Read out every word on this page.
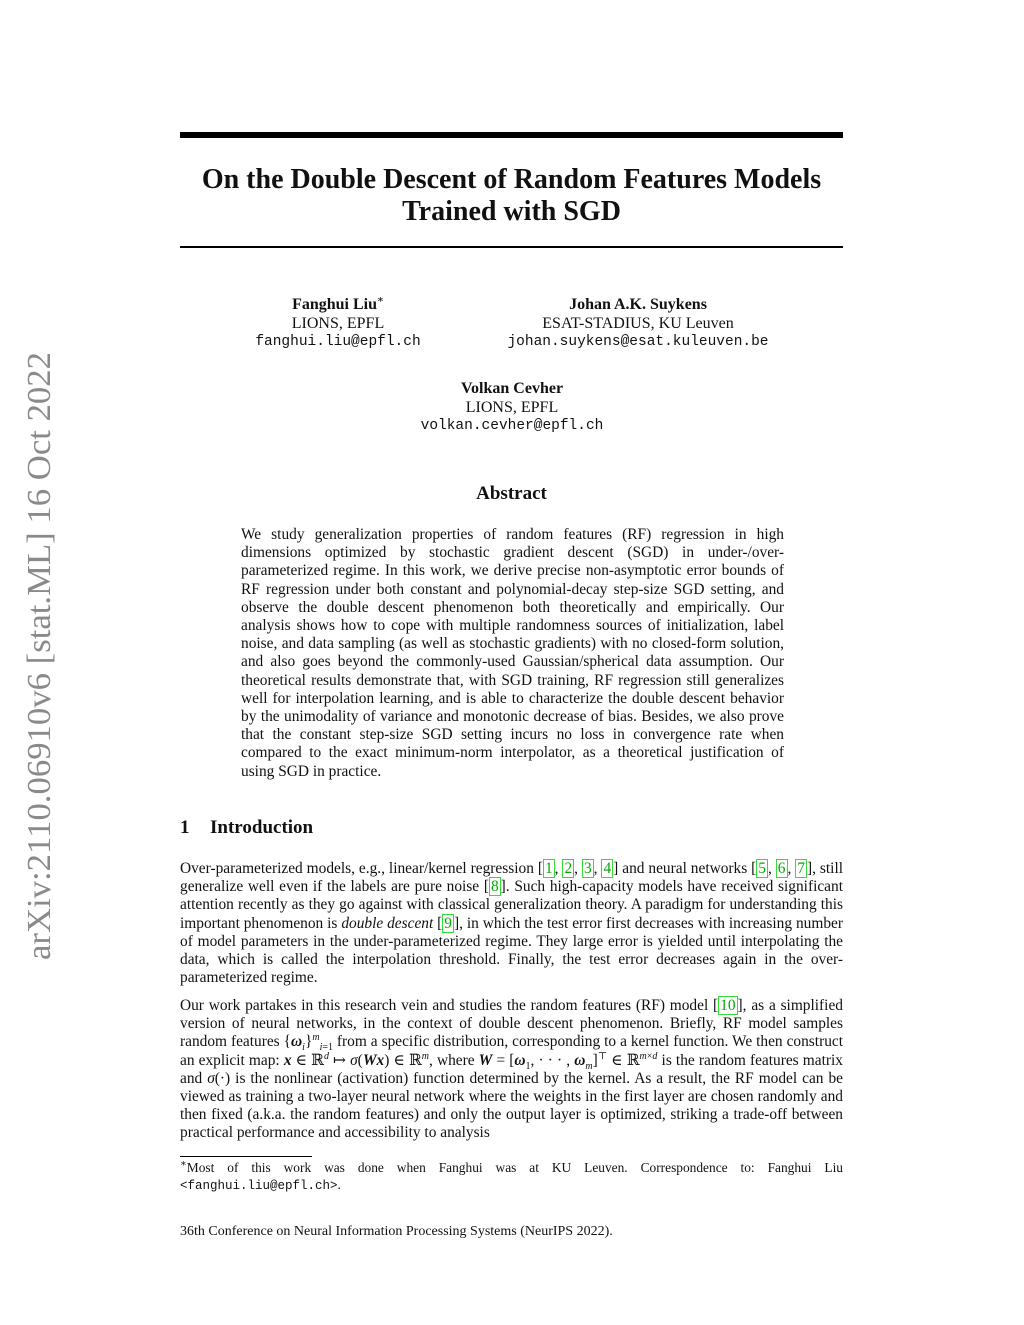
arXiv:2110.06910v6 [stat.ML] 16 Oct 2022
On the Double Descent of Random Features Models
Trained with SGD
Fanghui Liu∗
LIONS, EPFL
fanghui.liu@epfl.ch
Johan A.K. Suykens
ESAT-STADIUS, KU Leuven
johan.suykens@esat.kuleuven.be
Volkan Cevher
LIONS, EPFL
volkan.cevher@epfl.ch
Abstract
We study generalization properties of random features (RF) regression in high dimensions optimized by stochastic gradient descent (SGD) in under-/over-parameterized regime. In this work, we derive precise non-asymptotic error bounds of RF regression under both constant and polynomial-decay step-size SGD setting, and observe the double descent phenomenon both theoretically and empirically. Our analysis shows how to cope with multiple randomness sources of initialization, label noise, and data sampling (as well as stochastic gradients) with no closed-form solution, and also goes beyond the commonly-used Gaussian/spherical data assumption. Our theoretical results demonstrate that, with SGD training, RF regression still generalizes well for interpolation learning, and is able to characterize the double descent behavior by the unimodality of variance and monotonic decrease of bias. Besides, we also prove that the constant step-size SGD setting incurs no loss in convergence rate when compared to the exact minimum-norm interpolator, as a theoretical justification of using SGD in practice.
1 Introduction
Over-parameterized models, e.g., linear/kernel regression [ 1 , 2 , 3 , 4 ] and neural networks [ 5 , 6 , 7 ], still generalize well even if the labels are pure noise [ 8 ]. Such high-capacity models have received significant attention recently as they go against with classical generalization theory. A paradigm for understanding this important phenomenon is double descent [ 9 ], in which the test error first decreases with increasing number of model parameters in the under-parameterized regime. They large error is yielded until interpolating the data, which is called the interpolation threshold. Finally, the test error decreases again in the over-parameterized regime.
Our work partakes in this research vein and studies the random features (RF) model [ 10 ], as a simplified version of neural networks, in the context of double descent phenomenon. Briefly, RF model samples random features $\{\omega_i\}^m_{i=1}$ from a specific distribution, corresponding to a kernel function. We then construct an explicit map: x ∈ ℝ$^d$ ↦ σ(Wx) ∈ ℝ$^m$, where $W = [\omega_1$, · · · , $\omega_m]^⊤$ ∈ ℝ$^{m\times d}$ is the random features matrix and σ(·) is the nonlinear (activation) function determined by the kernel. As a result, the RF model can be viewed as training a two-layer neural network where the weights in the first layer are chosen randomly and then fixed (a.k.a. the random features) and only the output layer is optimized, striking a trade-off between practical performance and accessibility to analysis
∗Most of this work was done when Fanghui was at KU Leuven. Correspondence to: Fanghui Liu <fanghui.liu@epfl.ch>.
36th Conference on Neural Information Processing Systems (NeurIPS 2022).
